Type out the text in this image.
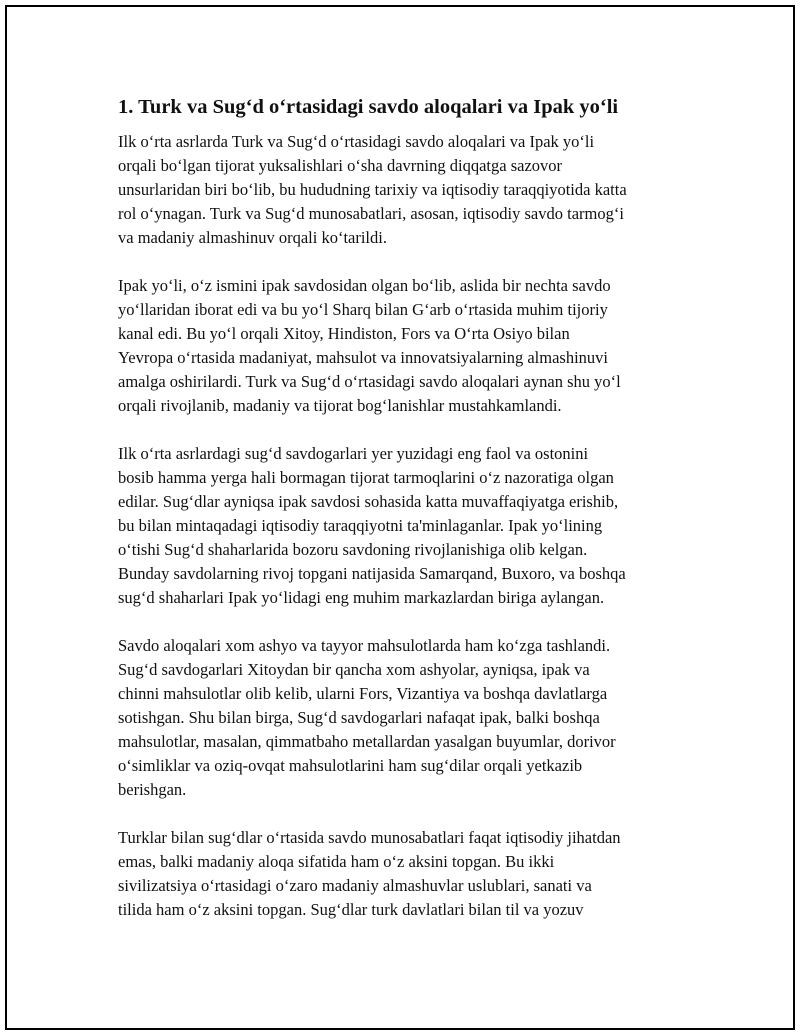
1. Turk va Sug‘d o‘rtasidagi savdo aloqalari va Ipak yo‘li

Ilk o‘rta asrlarda Turk va Sug‘d o‘rtasidagi savdo aloqalari va Ipak yo‘li
orqali bo‘lgan tijorat yuksalishlari o‘sha davrning diqqatga sazovor
unsurlaridan biri bo‘lib, bu hududning tarixiy va iqtisodiy taraqqiyotida katta
rol o‘ynagan. Turk va Sug‘d munosabatlari, asosan, iqtisodiy savdo tarmog‘i
va madaniy almashinuv orqali ko‘tarildi.

Ipak yo‘li, o‘z ismini ipak savdosidan olgan bo‘lib, aslida bir nechta savdo
yo‘llaridan iborat edi va bu yo‘l Sharq bilan G‘arb o‘rtasida muhim tijoriy
kanal edi. Bu yo‘l orqali Xitoy, Hindiston, Fors va O‘rta Osiyo bilan
Yevropa o‘rtasida madaniyat, mahsulot va innovatsiyalarning almashinuvi
amalga oshirilardi. Turk va Sug‘d o‘rtasidagi savdo aloqalari aynan shu yo‘l
orqali rivojlanib, madaniy va tijorat bog‘lanishlar mustahkamlandi.

Ilk o‘rta asrlardagi sug‘d savdogarlari yer yuzidagi eng faol va ostonini
bosib hamma yerga hali bormagan tijorat tarmoqlarini o‘z nazoratiga olgan
edilar. Sug‘dlar ayniqsa ipak savdosi sohasida katta muvaffaqiyatga erishib,
bu bilan mintaqadagi iqtisodiy taraqqiyotni ta'minlaganlar. Ipak yo‘lining
o‘tishi Sug‘d shaharlarida bozoru savdoning rivojlanishiga olib kelgan.
Bunday savdolarning rivoj topgani natijasida Samarqand, Buxoro, va boshqa
sug‘d shaharlari Ipak yo‘lidagi eng muhim markazlardan biriga aylangan.

Savdo aloqalari xom ashyo va tayyor mahsulotlarda ham ko‘zga tashlandi.
Sug‘d savdogarlari Xitoydan bir qancha xom ashyolar, ayniqsa, ipak va
chinni mahsulotlar olib kelib, ularni Fors, Vizantiya va boshqa davlatlarga
sotishgan. Shu bilan birga, Sug‘d savdogarlari nafaqat ipak, balki boshqa
mahsulotlar, masalan, qimmatbaho metallardan yasalgan buyumlar, dorivor
o‘simliklar va oziq-ovqat mahsulotlarini ham sug‘dilar orqali yetkazib
berishgan.

Turklar bilan sug‘dlar o‘rtasida savdo munosabatlari faqat iqtisodiy jihatdan
emas, balki madaniy aloqa sifatida ham o‘z aksini topgan. Bu ikki
sivilizatsiya o‘rtasidagi o‘zaro madaniy almashuvlar uslublari, sanati va
tilida ham o‘z aksini topgan. Sug‘dlar turk davlatlari bilan til va yozuv
